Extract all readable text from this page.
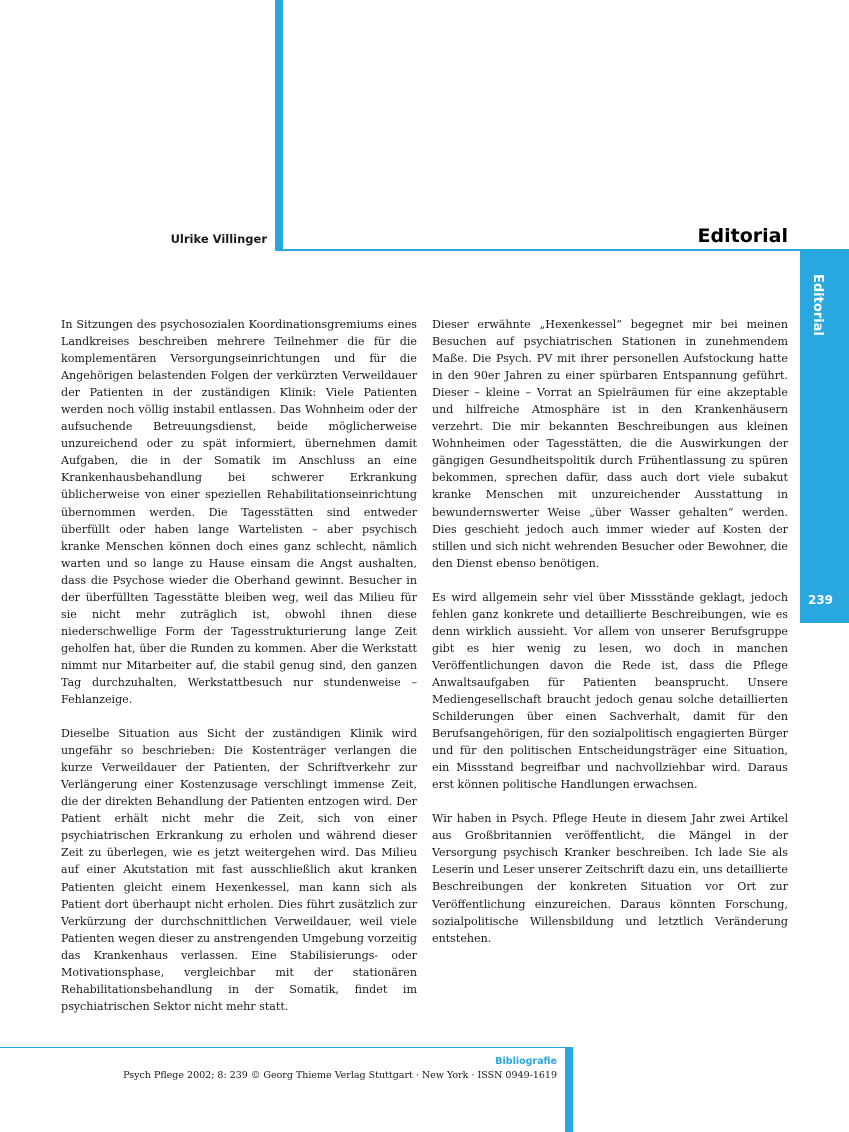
Ulrike Villinger	Editorial
Editorial
239

In Sitzungen des psychosozialen Koordinationsgremiums eines Landkreises beschreiben mehrere Teilnehmer die für die komplementären Versorgungseinrichtungen und für die Angehörigen belastenden Folgen der verkürzten Verweildauer der Patienten in der zuständigen Klinik: Viele Patienten werden noch völlig instabil entlassen. Das Wohnheim oder der aufsuchende Betreuungsdienst, beide möglicherweise unzureichend oder zu spät informiert, übernehmen damit Aufgaben, die in der Somatik im Anschluss an eine Krankenhausbehandlung bei schwerer Erkrankung üblicherweise von einer speziellen Rehabilitationseinrichtung übernommen werden. Die Tagesstätten sind entweder überfüllt oder haben lange Wartelisten – aber psychisch kranke Menschen können doch eines ganz schlecht, nämlich warten und so lange zu Hause einsam die Angst aushalten, dass die Psychose wieder die Oberhand gewinnt. Besucher in der überfüllten Tagesstätte bleiben weg, weil das Milieu für sie nicht mehr zuträglich ist, obwohl ihnen diese niederschwellige Form der Tagesstrukturierung lange Zeit geholfen hat, über die Runden zu kommen. Aber die Werkstatt nimmt nur Mitarbeiter auf, die stabil genug sind, den ganzen Tag durchzuhalten, Werkstattbesuch nur stundenweise – Fehlanzeige.

Dieselbe Situation aus Sicht der zuständigen Klinik wird ungefähr so beschrieben: Die Kostenträger verlangen die kurze Verweildauer der Patienten, der Schriftverkehr zur Verlängerung einer Kostenzusage verschlingt immense Zeit, die der direkten Behandlung der Patienten entzogen wird. Der Patient erhält nicht mehr die Zeit, sich von einer psychiatrischen Erkrankung zu erholen und während dieser Zeit zu überlegen, wie es jetzt weitergehen wird. Das Milieu auf einer Akutstation mit fast ausschließlich akut kranken Patienten gleicht einem Hexenkessel, man kann sich als Patient dort überhaupt nicht erholen. Dies führt zusätzlich zur Verkürzung der durchschnittlichen Verweildauer, weil viele Patienten wegen dieser zu anstrengenden Umgebung vorzeitig das Krankenhaus verlassen. Eine Stabilisierungs- oder Motivationsphase, vergleichbar mit der stationären Rehabilitationsbehandlung in der Somatik, findet im psychiatrischen Sektor nicht mehr statt.

Dieser erwähnte „Hexenkessel“ begegnet mir bei meinen Besuchen auf psychiatrischen Stationen in zunehmendem Maße. Die Psych. PV mit ihrer personellen Aufstockung hatte in den 90er Jahren zu einer spürbaren Entspannung geführt. Dieser – kleine – Vorrat an Spielräumen für eine akzeptable und hilfreiche Atmosphäre ist in den Krankenhäusern verzehrt. Die mir bekannten Beschreibungen aus kleinen Wohnheimen oder Tagesstätten, die die Auswirkungen der gängigen Gesundheitspolitik durch Frühentlassung zu spüren bekommen, sprechen dafür, dass auch dort viele subakut kranke Menschen mit unzureichender Ausstattung in bewundernswerter Weise „über Wasser gehalten“ werden. Dies geschieht jedoch auch immer wieder auf Kosten der stillen und sich nicht wehrenden Besucher oder Bewohner, die den Dienst ebenso benötigen.

Es wird allgemein sehr viel über Missstände geklagt, jedoch fehlen ganz konkrete und detaillierte Beschreibungen, wie es denn wirklich aussieht. Vor allem von unserer Berufsgruppe gibt es hier wenig zu lesen, wo doch in manchen Veröffentlichungen davon die Rede ist, dass die Pflege Anwaltsaufgaben für Patienten beansprucht. Unsere Mediengesellschaft braucht jedoch genau solche detaillierten Schilderungen über einen Sachverhalt, damit für den Berufsangehörigen, für den sozialpolitisch engagierten Bürger und für den politischen Entscheidungsträger eine Situation, ein Missstand begreifbar und nachvollziehbar wird. Daraus erst können politische Handlungen erwachsen.

Wir haben in Psych. Pflege Heute in diesem Jahr zwei Artikel aus Großbritannien veröffentlicht, die Mängel in der Versorgung psychisch Kranker beschreiben. Ich lade Sie als Leserin und Leser unserer Zeitschrift dazu ein, uns detaillierte Beschreibungen der konkreten Situation vor Ort zur Veröffentlichung einzureichen. Daraus könnten Forschung, sozialpolitische Willensbildung und letztlich Veränderung entstehen.

Bibliografie
Psych Pflege 2002; 8: 239 © Georg Thieme Verlag Stuttgart · New York · ISSN 0949-1619
